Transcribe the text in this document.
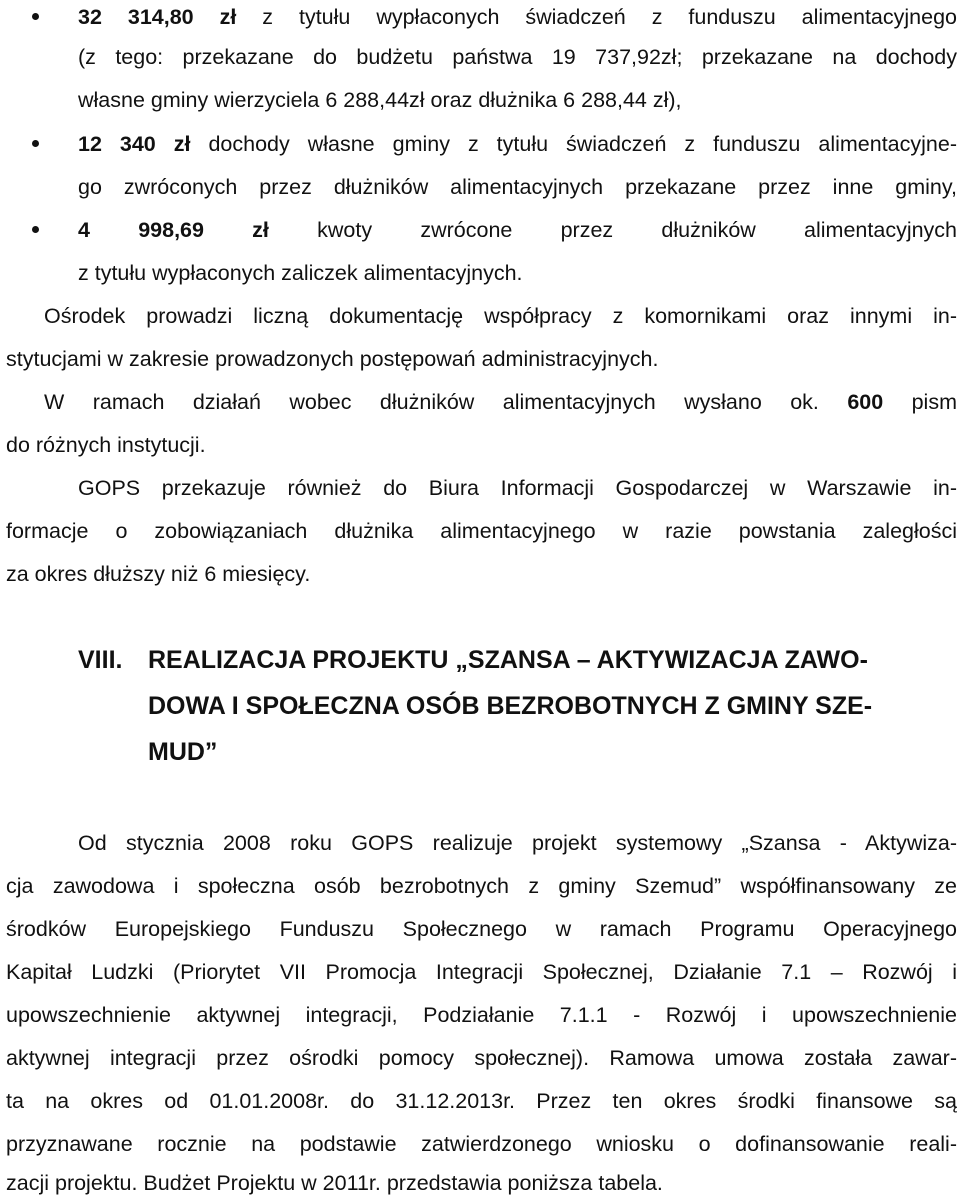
32 314,80 zł z tytułu wypłaconych świadczeń z funduszu alimentacyjnego
(z tego: przekazane do budżetu państwa 19 737,92zł; przekazane na dochody
własne gminy wierzyciela 6 288,44zł oraz dłużnika 6 288,44 zł),
12 340 zł dochody własne gminy z tytułu świadczeń z funduszu alimentacyjne-
go zwróconych przez dłużników alimentacyjnych przekazane przez inne gminy,
4 998,69 zł kwoty zwrócone przez dłużników alimentacyjnych
z tytułu wypłaconych zaliczek alimentacyjnych.
Ośrodek prowadzi liczną dokumentację współpracy z komornikami oraz innymi in-
stytucjami w zakresie prowadzonych postępowań administracyjnych.
W ramach działań wobec dłużników alimentacyjnych wysłano ok. 600 pism
do różnych instytucji.
GOPS przekazuje również do Biura Informacji Gospodarczej w Warszawie in-
formacje o zobowiązaniach dłużnika alimentacyjnego w razie powstania zaległości
za okres dłuższy niż 6 miesięcy.
VIII. REALIZACJA PROJEKTU „SZANSA – AKTYWIZACJA ZAWO-
DOWA I SPOŁECZNA OSÓB BEZROBOTNYCH Z GMINY SZE-
MUD”
Od stycznia 2008 roku GOPS realizuje projekt systemowy „Szansa - Aktywiza-
cja zawodowa i społeczna osób bezrobotnych z gminy Szemud” współfinansowany ze
środków Europejskiego Funduszu Społecznego w ramach Programu Operacyjnego
Kapitał Ludzki (Priorytet VII Promocja Integracji Społecznej, Działanie 7.1 – Rozwój i
upowszechnienie aktywnej integracji, Podziałanie 7.1.1 - Rozwój i upowszechnienie
aktywnej integracji przez ośrodki pomocy społecznej). Ramowa umowa została zawar-
ta na okres od 01.01.2008r. do 31.12.2013r. Przez ten okres środki finansowe są
przyznawane rocznie na podstawie zatwierdzonego wniosku o dofinansowanie reali-
zacji projektu. Budżet Projektu w 2011r. przedstawia poniższa tabela.
